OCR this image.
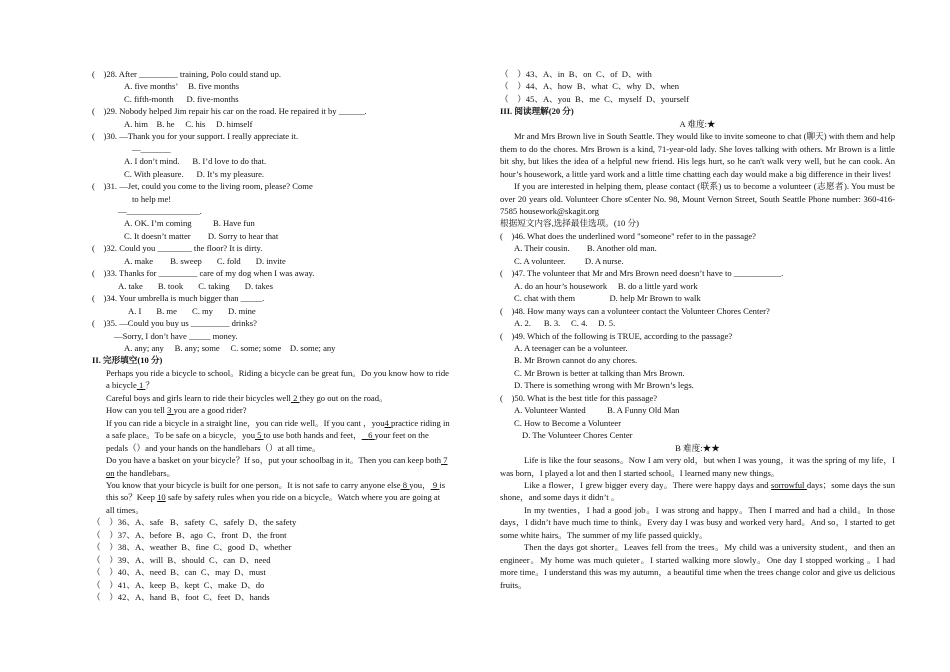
(    )28. After _________ training, Polo could stand up.
A. five months’     B. five months
C. fifth-month      D. five-months
(    )29. Nobody helped Jim repair his car on the road. He repaired it by ______.
A. him    B. he     C. his     D. himself
(    )30. —Thank you for your support. I really appreciate it.
—_______
A. I don’t mind.      B. I’d love to do that.
C. With pleasure.      D. It’s my pleasure.
(    )31. —Jet, could you come to the living room, please? Come
to help me!
—_________________.
A. OK. I’m coming          B. Have fun
C. It doesn’t matter        D. Sorry to hear that
(    )32. Could you ________ the floor? It is dirty.
A. make        B. sweep       C. fold       D. invite
(    )33. Thanks for _________ care of my dog when I was away.
A. take       B. took       C. taking       D. takes
(    )34. Your umbrella is much bigger than _____.
A. I       B. me       C. my       D. mine
(    )35. —Could you buy us _________ drinks?
—Sorry, I don’t have _____ money.
A. any; any     B. any; some     C. some; some    D. some; any
II. 完形填空(10 分)
Perhaps you ride a bicycle to school。Riding a bicycle can be great fun。Do you know how to ride
a bicycle 1 ？
Careful boys and girls learn to ride their bicycles well 2 they go out on the road。
How can you tell 3 you are a good rider?
If you can ride a bicycle in a straight line，you can ride well。If you cant ，you4 practice riding in
a safe place。To be safe on a bicycle，you 5 to use both hands and feet， 6 your feet on the
pedals（）and your hands on the handlebars（）at all time。
Do you have a basket on your bicycle？If so，put your schoolbag in it。Then you can keep both 7
on the handlebars。
You know that your bicycle is built for one person。It is not safe to carry anyone else 8 you， 9 is
this so？Keep 10 safe by safety rules when you ride on a bicycle。Watch where you are going at
all times。
（    ）36、A、safe   B、safety  C、safely  D、the safety
（    ）37、A、before  B、ago  C、front  D、the front
（    ）38、A、weather  B、fine  C、good  D、whether
（    ）39、A、will  B、should  C、can  D、need
（    ）40、A、need  B、can  C、may  D、must
（    ）41、A、keep  B、kept  C、make  D、do
（    ）42、A、hand  B、foot  C、feet  D、hands
（    ）43、A、in  B、on  C、of  D、with
（    ）44、A、how  B、what  C、why  D、when
（    ）45、A、you  B、me  C、myself  D、yourself
III. 阅读理解(20 分)
A 难度:★
Mr and Mrs Brown live in South Seattle. They would like to invite someone to chat (聊天) with them and help them to do the chores. Mrs Brown is a kind, 71-year-old lady. She loves talking with others. Mr Brown is a little bit shy, but likes the idea of a helpful new friend. His legs hurt, so he can't walk very well, but he can cook. An hour’s housework, a little yard work and a little time chatting each day would make a big difference in their lives!
If you are interested in helping them, please contact (联系) us to become a volunteer (志愿者). You must be over 20 years old. Volunteer Chore sCenter No. 98, Mount Vernon Street, South Seattle Phone number: 360-416-7585 housework@skagit.org
根据短文内容,选择最佳选项。(10 分)
(    )46. What does the underlined word "someone" refer to in the passage?
A. Their cousin.        B. Another old man.
C. A volunteer.         D. A nurse.
(    )47. The volunteer that Mr and Mrs Brown need doesn’t have to ___________.
A. do an hour’s housework     B. do a little yard work
C. chat with them                D. help Mr Brown to walk
(    )48. How many ways can a volunteer contact the Volunteer Chores Center?
A. 2.      B. 3.     C. 4.     D. 5.
(    )49. Which of the following is TRUE, according to the passage?
A. A teenager can be a volunteer.
B. Mr Brown cannot do any chores.
C. Mr Brown is better at talking than Mrs Brown.
D. There is something wrong with Mr Brown’s legs.
(    )50. What is the best title for this passage?
A. Volunteer Wanted          B. A Funny Old Man
C. How to Become a Volunteer
D. The Volunteer Chores Center
B 难度:★★
Life is like the four seasons。Now I am very old，but when I was young，it was the spring of my life，I was born，I played a lot and then I started school。I learned many new things。
Like a flower，I grew bigger every day。There were happy days and sorrowful days；some days the sun shone，and some days it didn’t 。
In my twenties，I had a good job。I was strong and happy。Then I marred and had a child。In those days，I didn’t have much time to think。Every day I was busy and worked very hard。And so，I started to get some white hairs。The summer of my life passed quickly。
Then the days got shorter。Leaves fell from the trees。My child was a university student，and then an engineer。My home was much quieter。I started walking more slowly。One day I stopped working 。I had more time。I understand this was my autumn，a beautiful time when the trees change color and give us delicious fruits。
